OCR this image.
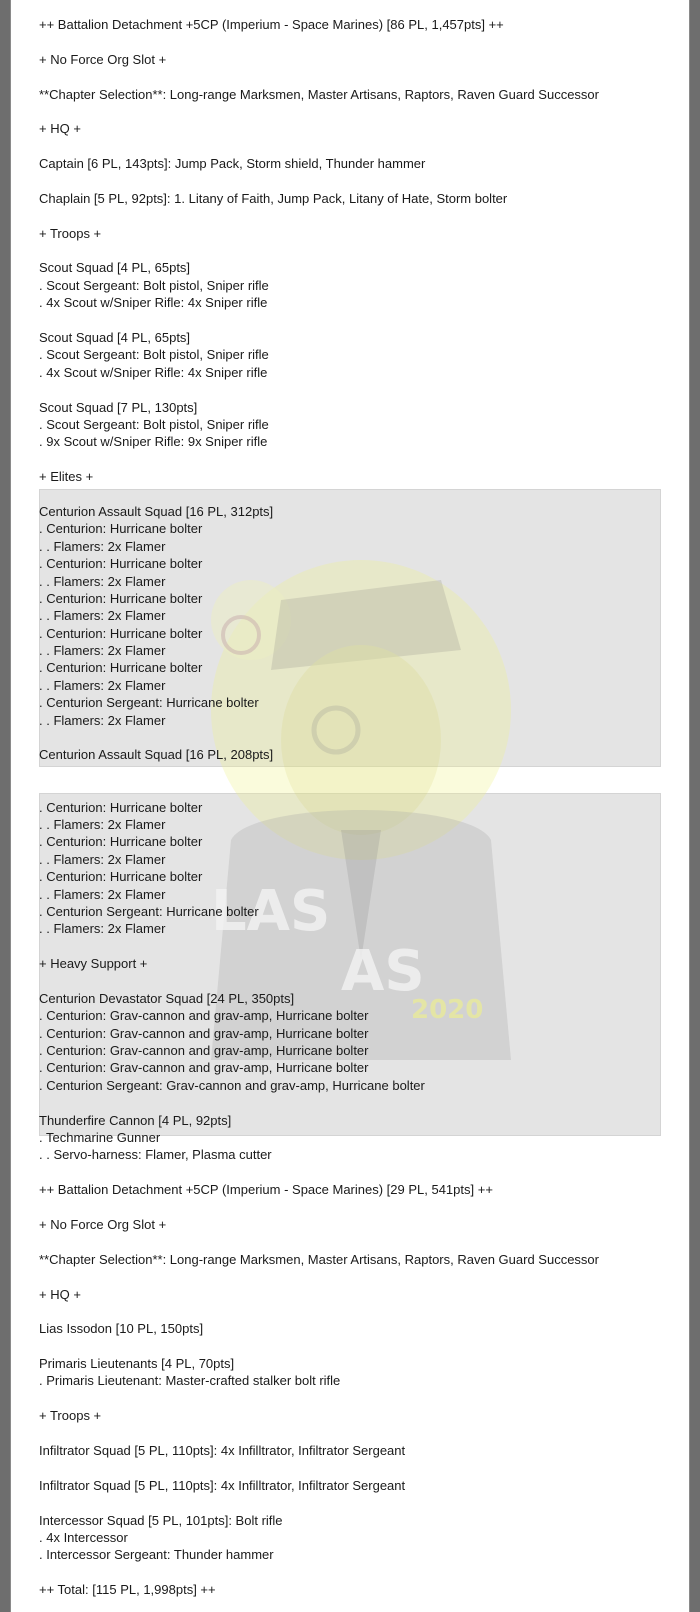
LAS
AS
2020
++ Battalion Detachment +5CP (Imperium - Space Marines) [86 PL, 1,457pts] ++
+ No Force Org Slot +
**Chapter Selection**: Long-range Marksmen, Master Artisans, Raptors, Raven Guard Successor
+ HQ +
Captain [6 PL, 143pts]: Jump Pack, Storm shield, Thunder hammer
Chaplain [5 PL, 92pts]: 1. Litany of Faith, Jump Pack, Litany of Hate, Storm bolter
+ Troops +
Scout Squad [4 PL, 65pts]
. Scout Sergeant: Bolt pistol, Sniper rifle
. 4x Scout w/Sniper Rifle: 4x Sniper rifle
Scout Squad [4 PL, 65pts]
. Scout Sergeant: Bolt pistol, Sniper rifle
. 4x Scout w/Sniper Rifle: 4x Sniper rifle
Scout Squad [7 PL, 130pts]
. Scout Sergeant: Bolt pistol, Sniper rifle
. 9x Scout w/Sniper Rifle: 9x Sniper rifle
+ Elites +
Centurion Assault Squad [16 PL, 312pts]
. Centurion: Hurricane bolter
. . Flamers: 2x Flamer
. Centurion: Hurricane bolter
. . Flamers: 2x Flamer
. Centurion: Hurricane bolter
. . Flamers: 2x Flamer
. Centurion: Hurricane bolter
. . Flamers: 2x Flamer
. Centurion: Hurricane bolter
. . Flamers: 2x Flamer
. Centurion Sergeant: Hurricane bolter
. . Flamers: 2x Flamer
Centurion Assault Squad [16 PL, 208pts]
. Centurion: Hurricane bolter
. . Flamers: 2x Flamer
. Centurion: Hurricane bolter
. . Flamers: 2x Flamer
. Centurion: Hurricane bolter
. . Flamers: 2x Flamer
. Centurion Sergeant: Hurricane bolter
. . Flamers: 2x Flamer
+ Heavy Support +
Centurion Devastator Squad [24 PL, 350pts]
. Centurion: Grav-cannon and grav-amp, Hurricane bolter
. Centurion: Grav-cannon and grav-amp, Hurricane bolter
. Centurion: Grav-cannon and grav-amp, Hurricane bolter
. Centurion: Grav-cannon and grav-amp, Hurricane bolter
. Centurion Sergeant: Grav-cannon and grav-amp, Hurricane bolter
Thunderfire Cannon [4 PL, 92pts]
. Techmarine Gunner
. . Servo-harness: Flamer, Plasma cutter
++ Battalion Detachment +5CP (Imperium - Space Marines) [29 PL, 541pts] ++
+ No Force Org Slot +
**Chapter Selection**: Long-range Marksmen, Master Artisans, Raptors, Raven Guard Successor
+ HQ +
Lias Issodon [10 PL, 150pts]
Primaris Lieutenants [4 PL, 70pts]
. Primaris Lieutenant: Master-crafted stalker bolt rifle
+ Troops +
Infiltrator Squad [5 PL, 110pts]: 4x Infilltrator, Infiltrator Sergeant
Infiltrator Squad [5 PL, 110pts]: 4x Infilltrator, Infiltrator Sergeant
Intercessor Squad [5 PL, 101pts]: Bolt rifle
. 4x Intercessor
. Intercessor Sergeant: Thunder hammer
++ Total: [115 PL, 1,998pts] ++
